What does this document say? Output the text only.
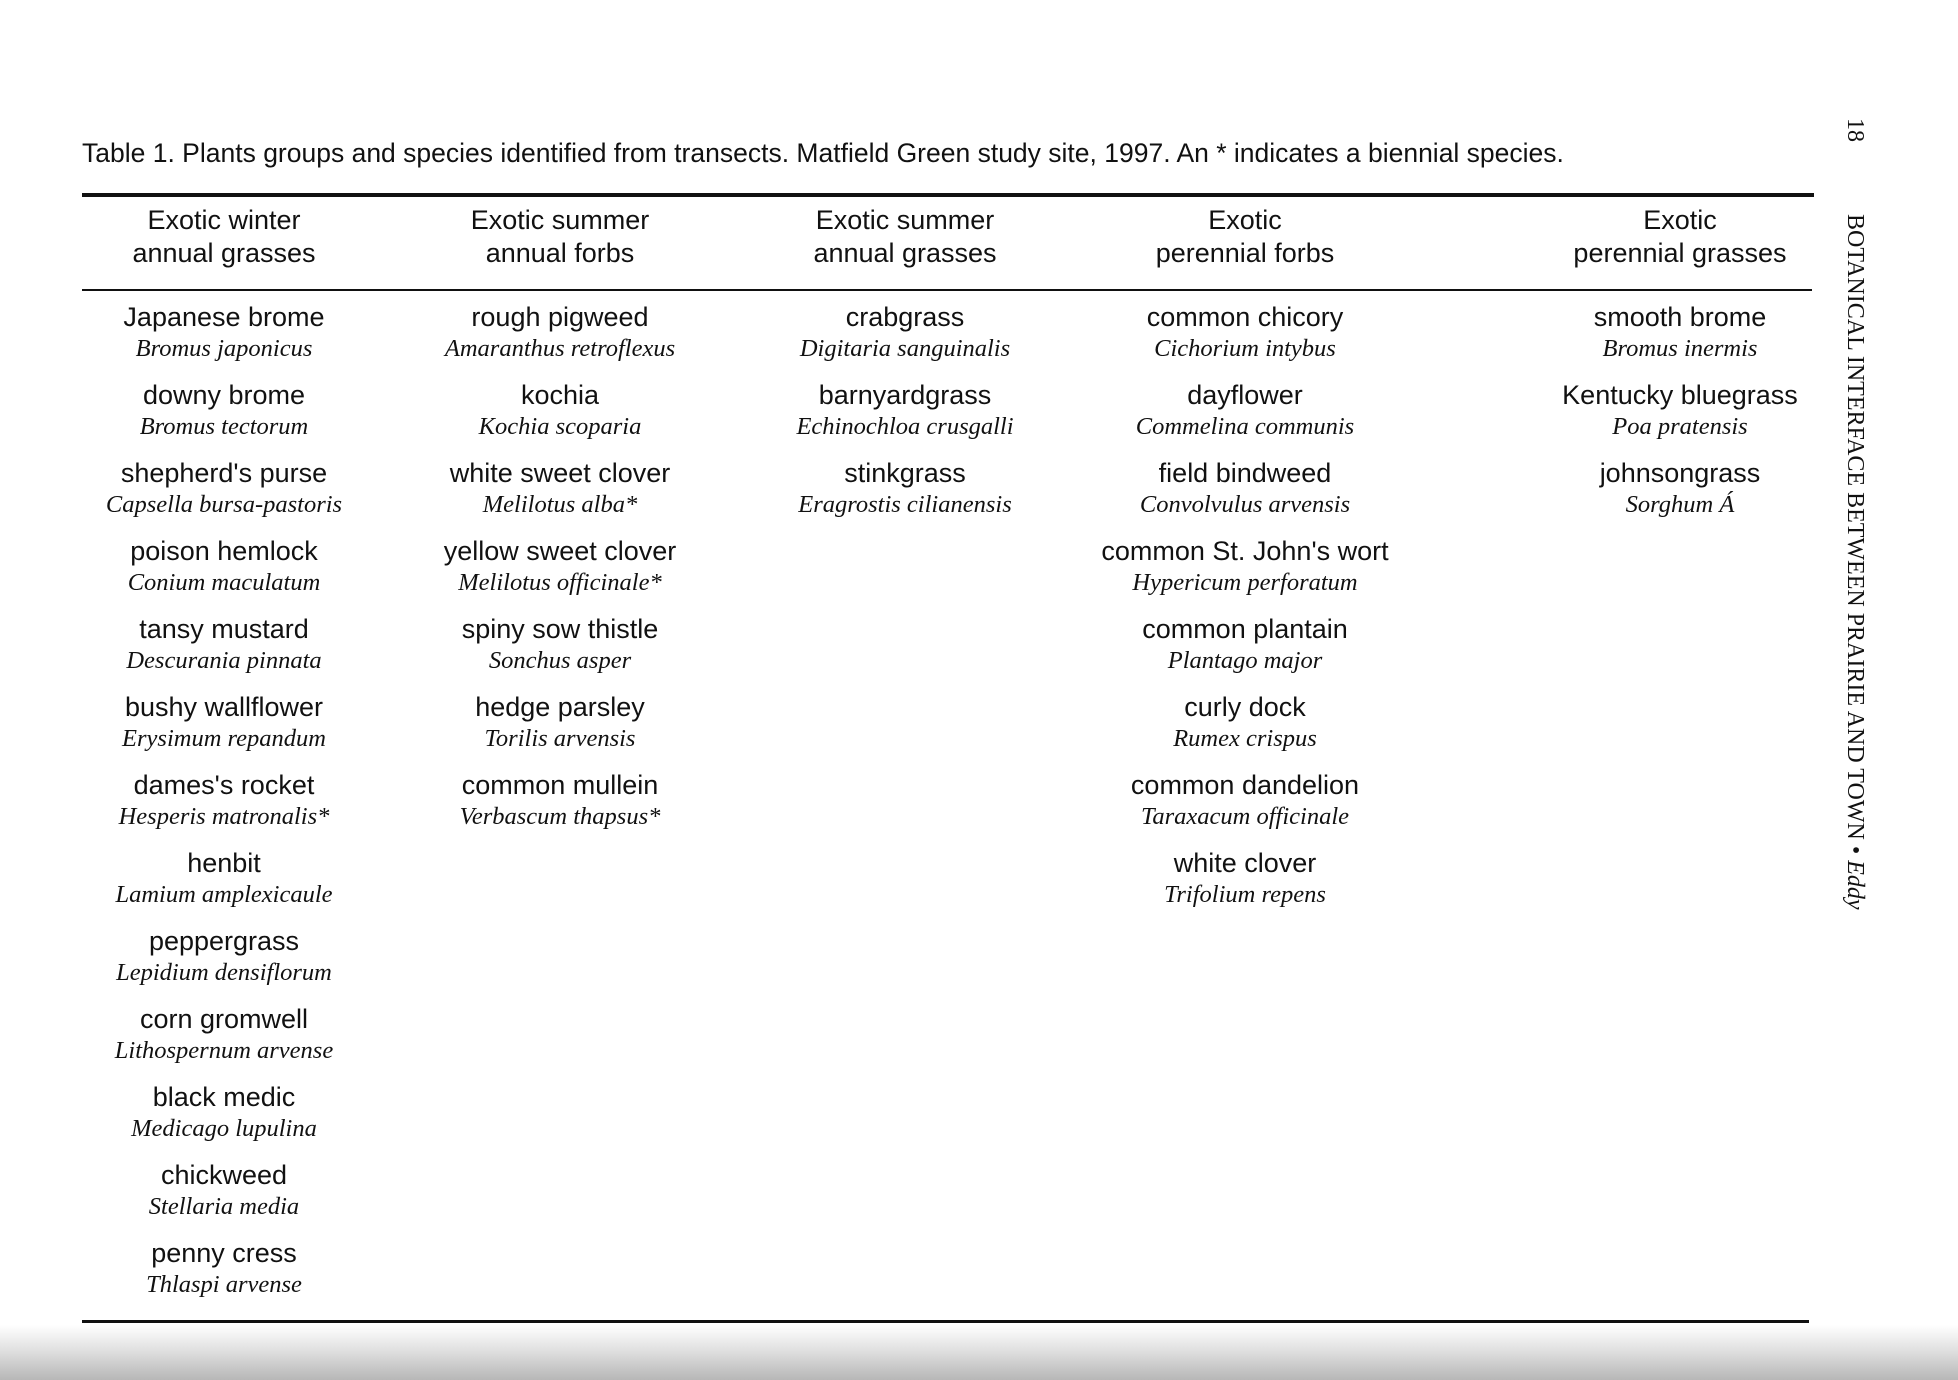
Table 1. Plants groups and species identified from transects. Matfield Green study site, 1997. An * indicates a biennial species.
Exotic winter
annual grasses
Exotic summer
annual forbs
Exotic summer
annual grasses
Exotic
perennial forbs
Exotic
perennial grasses
Japanese brome
Bromus japonicus
downy brome
Bromus tectorum
shepherd's purse
Capsella bursa-pastoris
poison hemlock
Conium maculatum
tansy mustard
Descurania pinnata
bushy wallflower
Erysimum repandum
dames's rocket
Hesperis matronalis*
henbit
Lamium amplexicaule
peppergrass
Lepidium densiflorum
corn gromwell
Lithospernum arvense
black medic
Medicago lupulina
chickweed
Stellaria media
penny cress
Thlaspi arvense
rough pigweed
Amaranthus retroflexus
kochia
Kochia scoparia
white sweet clover
Melilotus alba*
yellow sweet clover
Melilotus officinale*
spiny sow thistle
Sonchus asper
hedge parsley
Torilis arvensis
common mullein
Verbascum thapsus*
crabgrass
Digitaria sanguinalis
barnyardgrass
Echinochloa crusgalli
stinkgrass
Eragrostis cilianensis
common chicory
Cichorium intybus
dayflower
Commelina communis
field bindweed
Convolvulus arvensis
common St. John's wort
Hypericum perforatum
common plantain
Plantago major
curly dock
Rumex crispus
common dandelion
Taraxacum officinale
white clover
Trifolium repens
smooth brome
Bromus inermis
Kentucky bluegrass
Poa pratensis
johnsongrass
Sorghum Á
18
BOTANICAL INTERFACE BETWEEN PRAIRIE AND TOWN • Eddy
